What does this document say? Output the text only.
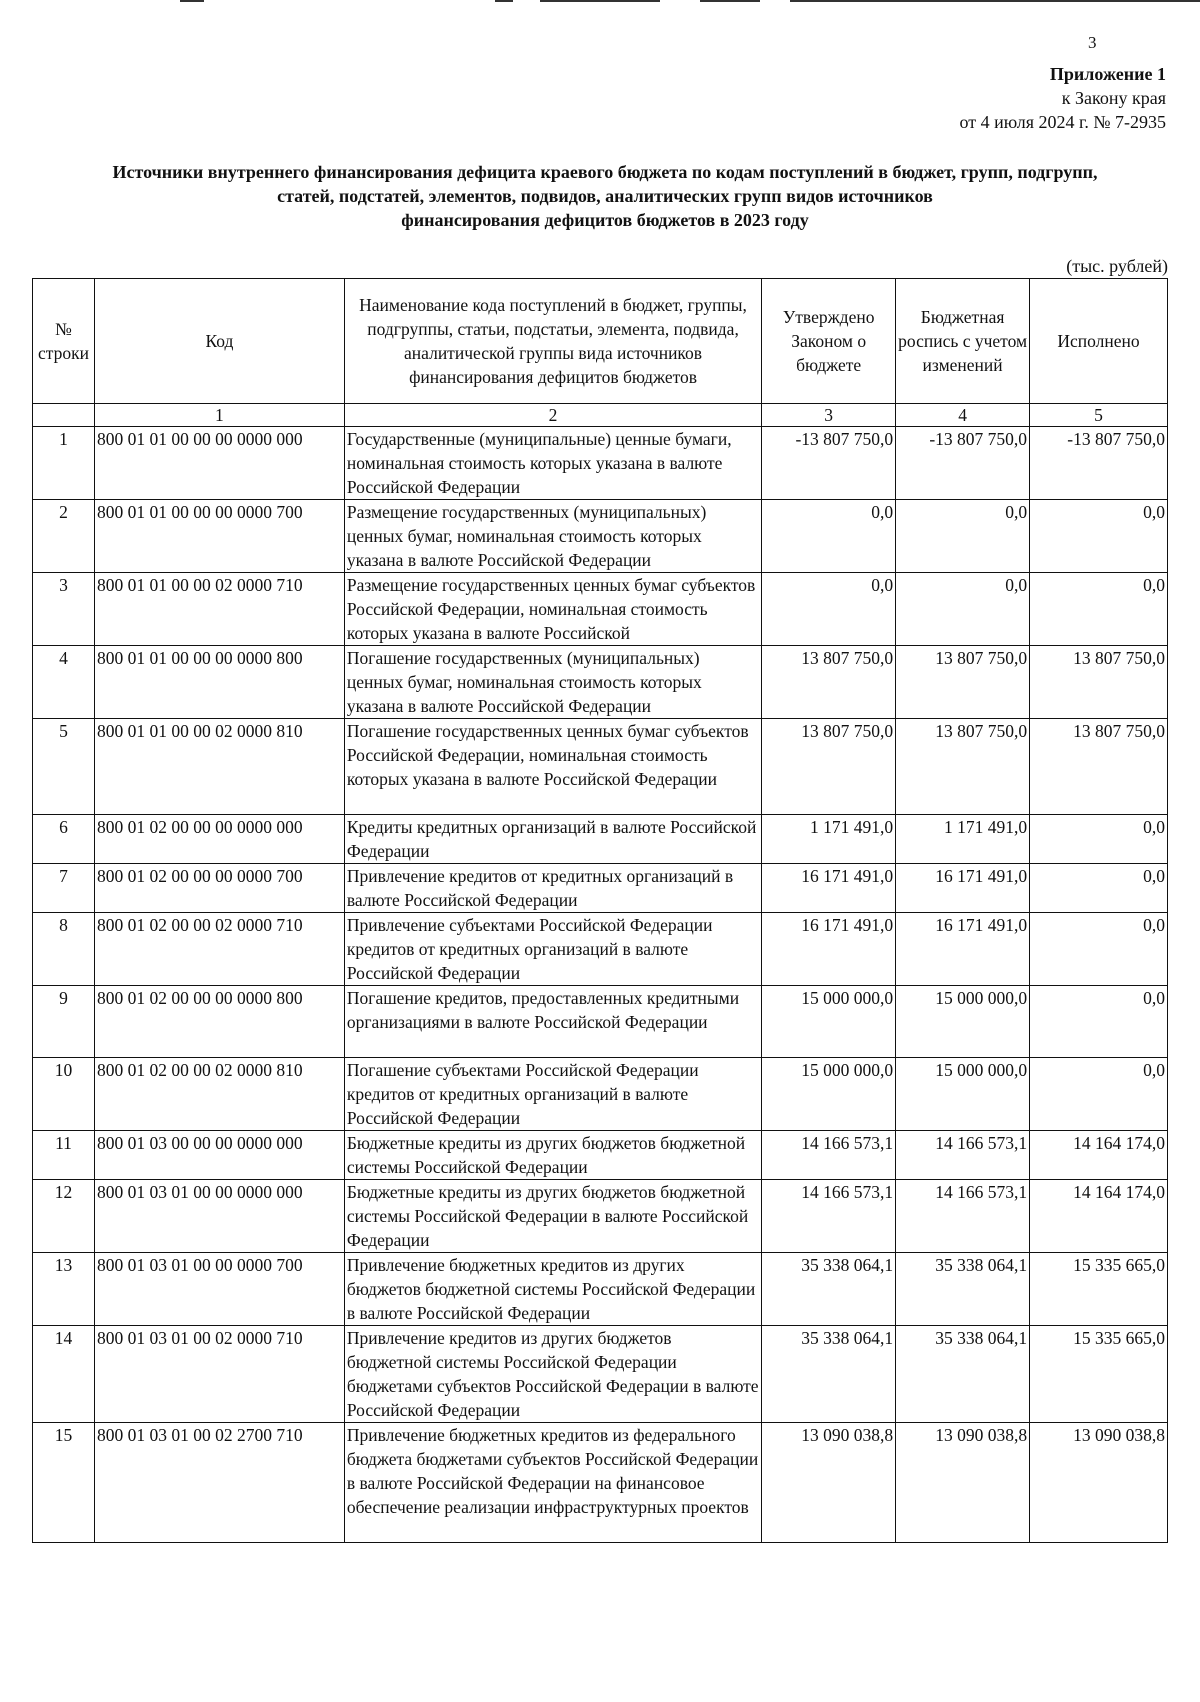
3
Приложение 1
к Закону края
от 4 июля 2024 г. № 7-2935
Источники внутреннего финансирования дефицита краевого бюджета по кодам поступлений в бюджет, групп, подгрупп,
статей, подстатей, элементов, подвидов, аналитических групп видов источников
финансирования дефицитов бюджетов в 2023 году
(тыс. рублей)
№ строки	Код	Наименование кода поступлений в бюджет, группы, подгруппы, статьи, подстатьи, элемента, подвида, аналитической группы вида источников финансирования дефицитов бюджетов	Утверждено Законом о бюджете	Бюджетная роспись с учетом изменений	Исполнено
	1	2	3	4	5
1	800 01 01 00 00 00 0000 000	Государственные (муниципальные) ценные бумаги, номинальная стоимость которых указана в валюте Российской Федерации	-13 807 750,0	-13 807 750,0	-13 807 750,0
2	800 01 01 00 00 00 0000 700	Размещение государственных (муниципальных) ценных бумаг, номинальная стоимость которых указана в валюте Российской Федерации	0,0	0,0	0,0
3	800 01 01 00 00 02 0000 710	Размещение государственных ценных бумаг субъектов Российской Федерации, номинальная стоимость которых указана в валюте Российской	0,0	0,0	0,0
4	800 01 01 00 00 00 0000 800	Погашение государственных (муниципальных) ценных бумаг, номинальная стоимость которых указана в валюте Российской Федерации	13 807 750,0	13 807 750,0	13 807 750,0
5	800 01 01 00 00 02 0000 810	Погашение государственных ценных бумаг субъектов Российской Федерации, номинальная стоимость которых указана в валюте Российской Федерации	13 807 750,0	13 807 750,0	13 807 750,0
6	800 01 02 00 00 00 0000 000	Кредиты кредитных организаций в валюте Российской Федерации	1 171 491,0	1 171 491,0	0,0
7	800 01 02 00 00 00 0000 700	Привлечение кредитов от кредитных организаций в валюте Российской Федерации	16 171 491,0	16 171 491,0	0,0
8	800 01 02 00 00 02 0000 710	Привлечение субъектами Российской Федерации кредитов от кредитных организаций в валюте Российской Федерации	16 171 491,0	16 171 491,0	0,0
9	800 01 02 00 00 00 0000 800	Погашение кредитов, предоставленных кредитными организациями в валюте Российской Федерации	15 000 000,0	15 000 000,0	0,0
10	800 01 02 00 00 02 0000 810	Погашение субъектами Российской Федерации кредитов от кредитных организаций в валюте Российской Федерации	15 000 000,0	15 000 000,0	0,0
11	800 01 03 00 00 00 0000 000	Бюджетные кредиты из других бюджетов бюджетной системы Российской Федерации	14 166 573,1	14 166 573,1	14 164 174,0
12	800 01 03 01 00 00 0000 000	Бюджетные кредиты из других бюджетов бюджетной системы Российской Федерации в валюте Российской Федерации	14 166 573,1	14 166 573,1	14 164 174,0
13	800 01 03 01 00 00 0000 700	Привлечение бюджетных кредитов из других бюджетов бюджетной системы Российской Федерации в валюте Российской Федерации	35 338 064,1	35 338 064,1	15 335 665,0
14	800 01 03 01 00 02 0000 710	Привлечение кредитов из других бюджетов бюджетной системы Российской Федерации бюджетами субъектов Российской Федерации в валюте Российской Федерации	35 338 064,1	35 338 064,1	15 335 665,0
15	800 01 03 01 00 02 2700 710	Привлечение бюджетных кредитов из федерального бюджета бюджетами субъектов Российской Федерации в валюте Российской Федерации на финансовое обеспечение реализации инфраструктурных проектов	13 090 038,8	13 090 038,8	13 090 038,8
